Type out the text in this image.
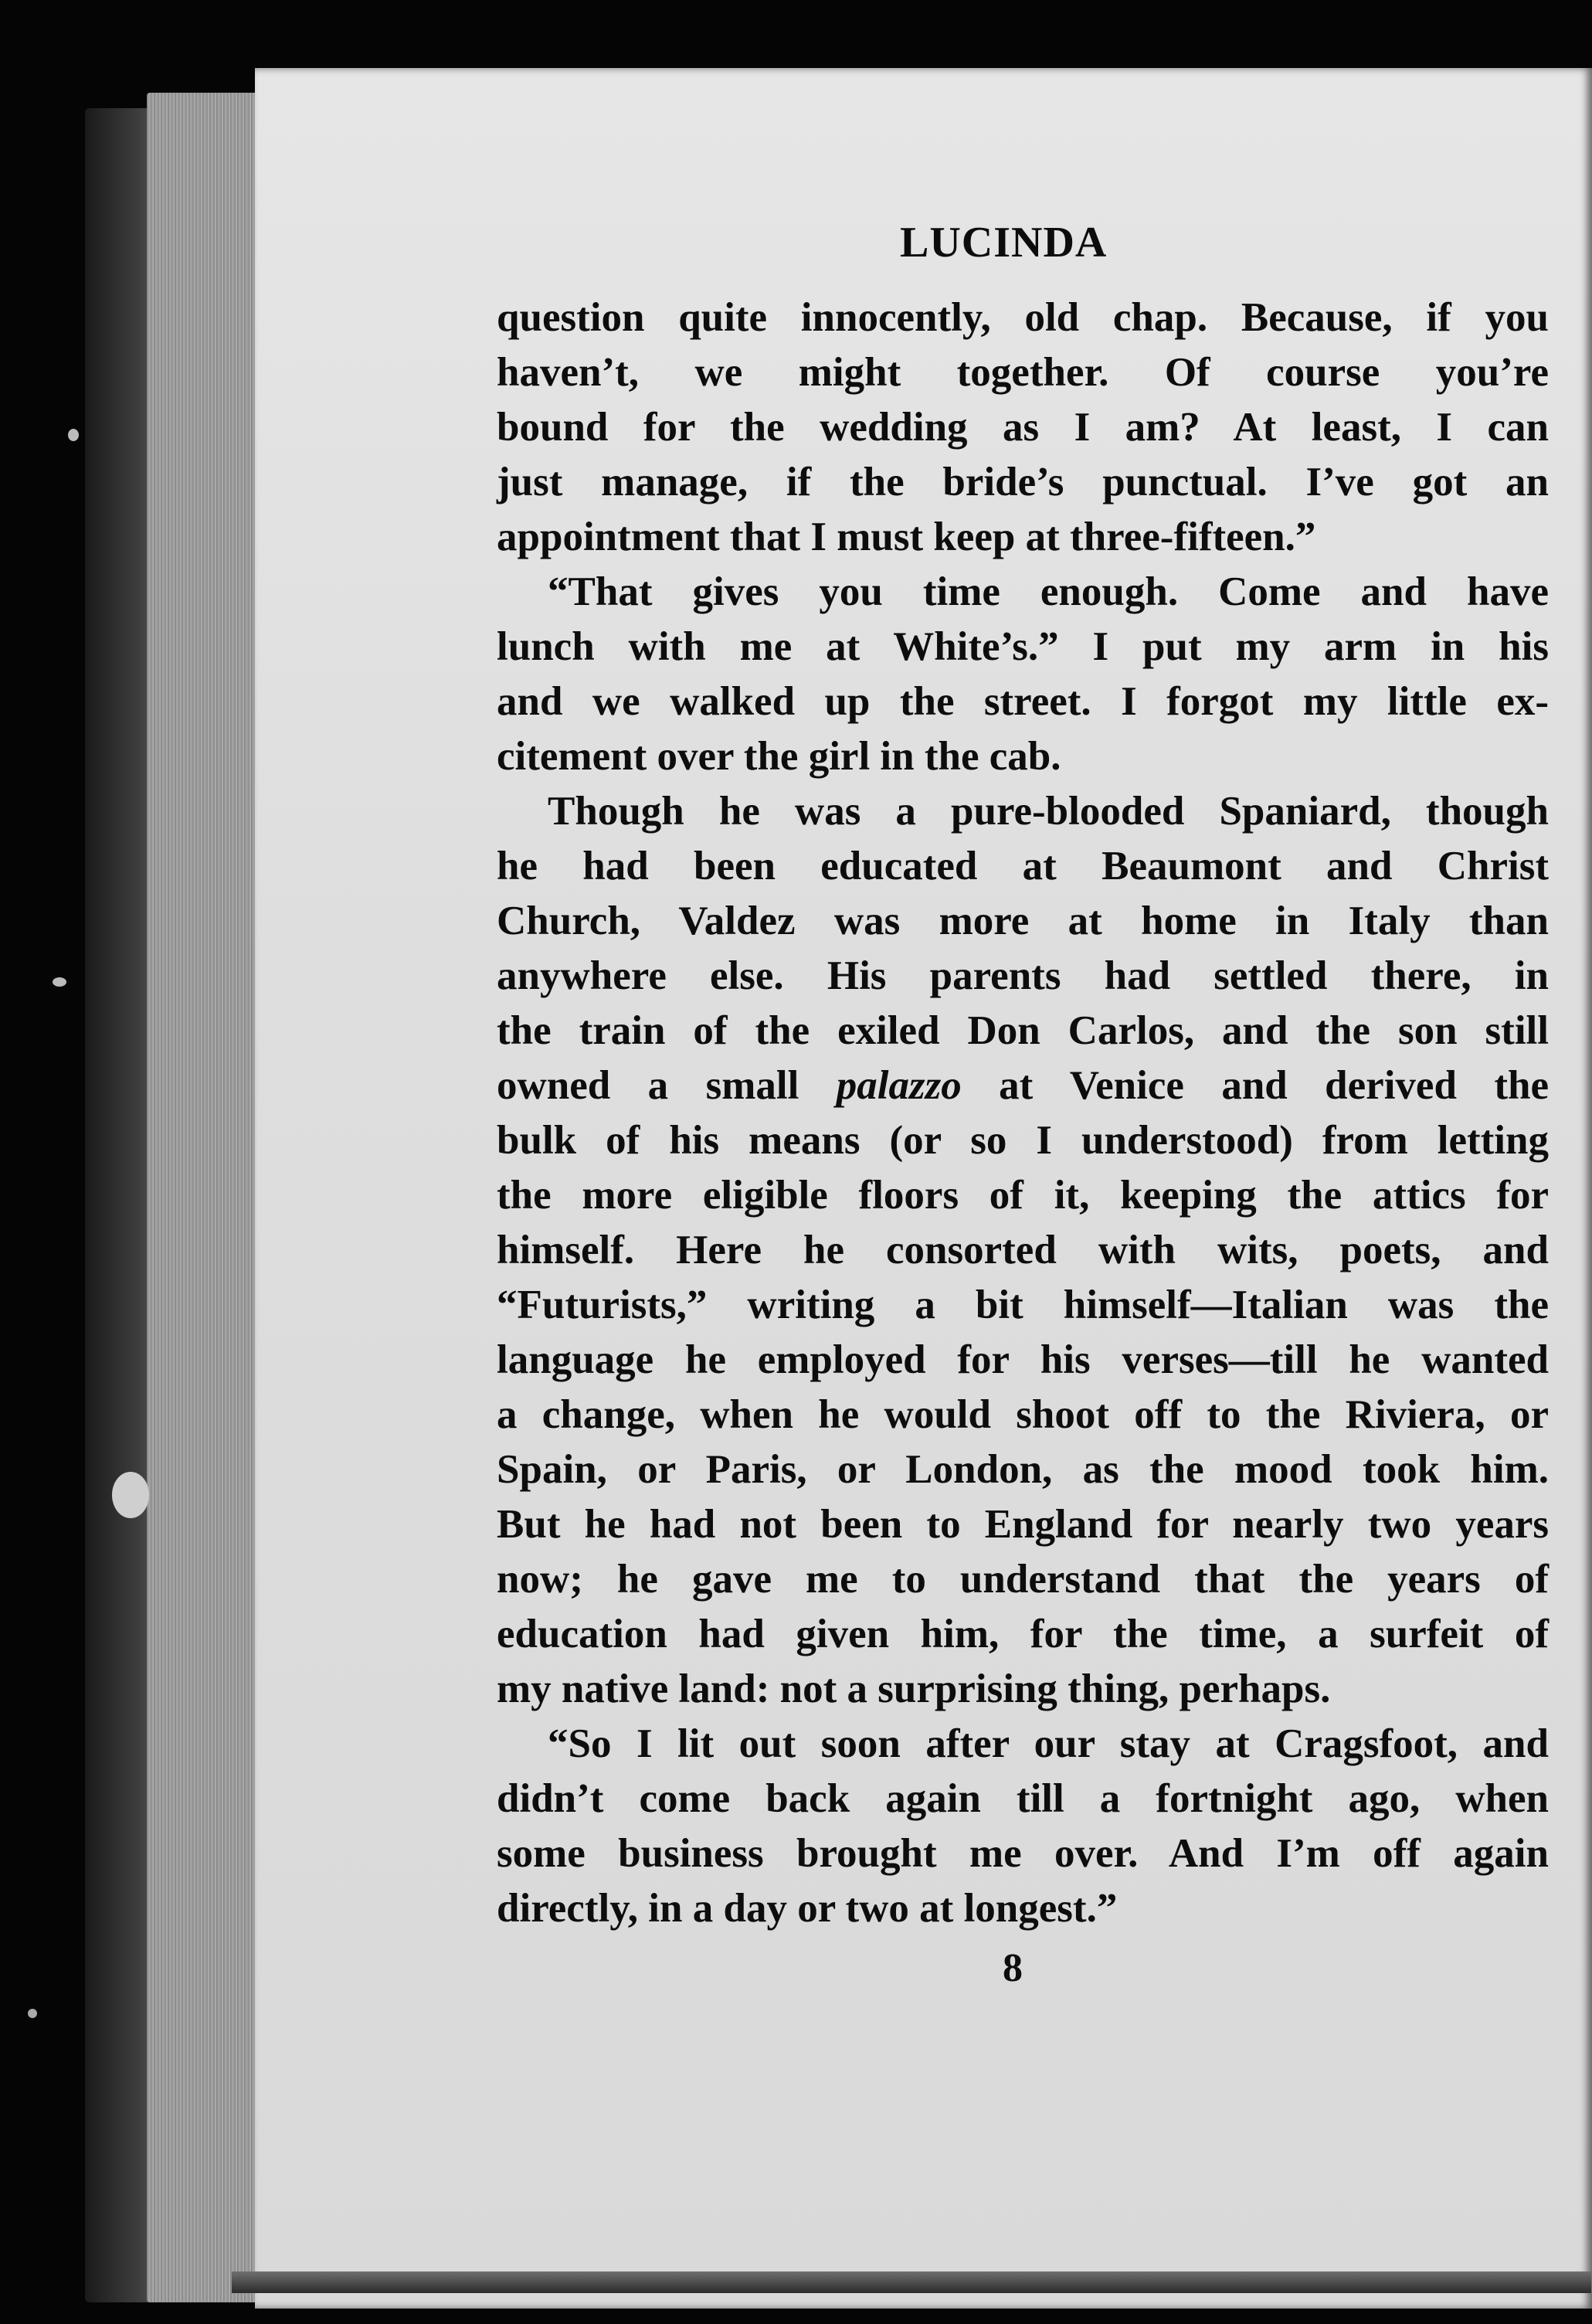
LUCINDA
question quite innocently, old chap. Because, if you
haven’t, we might together. Of course you’re
bound for the wedding as I am? At least, I can
just manage, if the bride’s punctual. I’ve got an
appointment that I must keep at three-fifteen.”
“That gives you time enough. Come and have
lunch with me at White’s.” I put my arm in his
and we walked up the street. I forgot my little ex-
citement over the girl in the cab.
Though he was a pure-blooded Spaniard, though
he had been educated at Beaumont and Christ
Church, Valdez was more at home in Italy than
anywhere else. His parents had settled there, in
the train of the exiled Don Carlos, and the son still
owned a small palazzo at Venice and derived the
bulk of his means (or so I understood) from letting
the more eligible floors of it, keeping the attics for
himself. Here he consorted with wits, poets, and
“Futurists,” writing a bit himself—Italian was the
language he employed for his verses—till he wanted
a change, when he would shoot off to the Riviera, or
Spain, or Paris, or London, as the mood took him.
But he had not been to England for nearly two years
now; he gave me to understand that the years of
education had given him, for the time, a surfeit of
my native land: not a surprising thing, perhaps.
“So I lit out soon after our stay at Cragsfoot, and
didn’t come back again till a fortnight ago, when
some business brought me over. And I’m off again
directly, in a day or two at longest.”
8
